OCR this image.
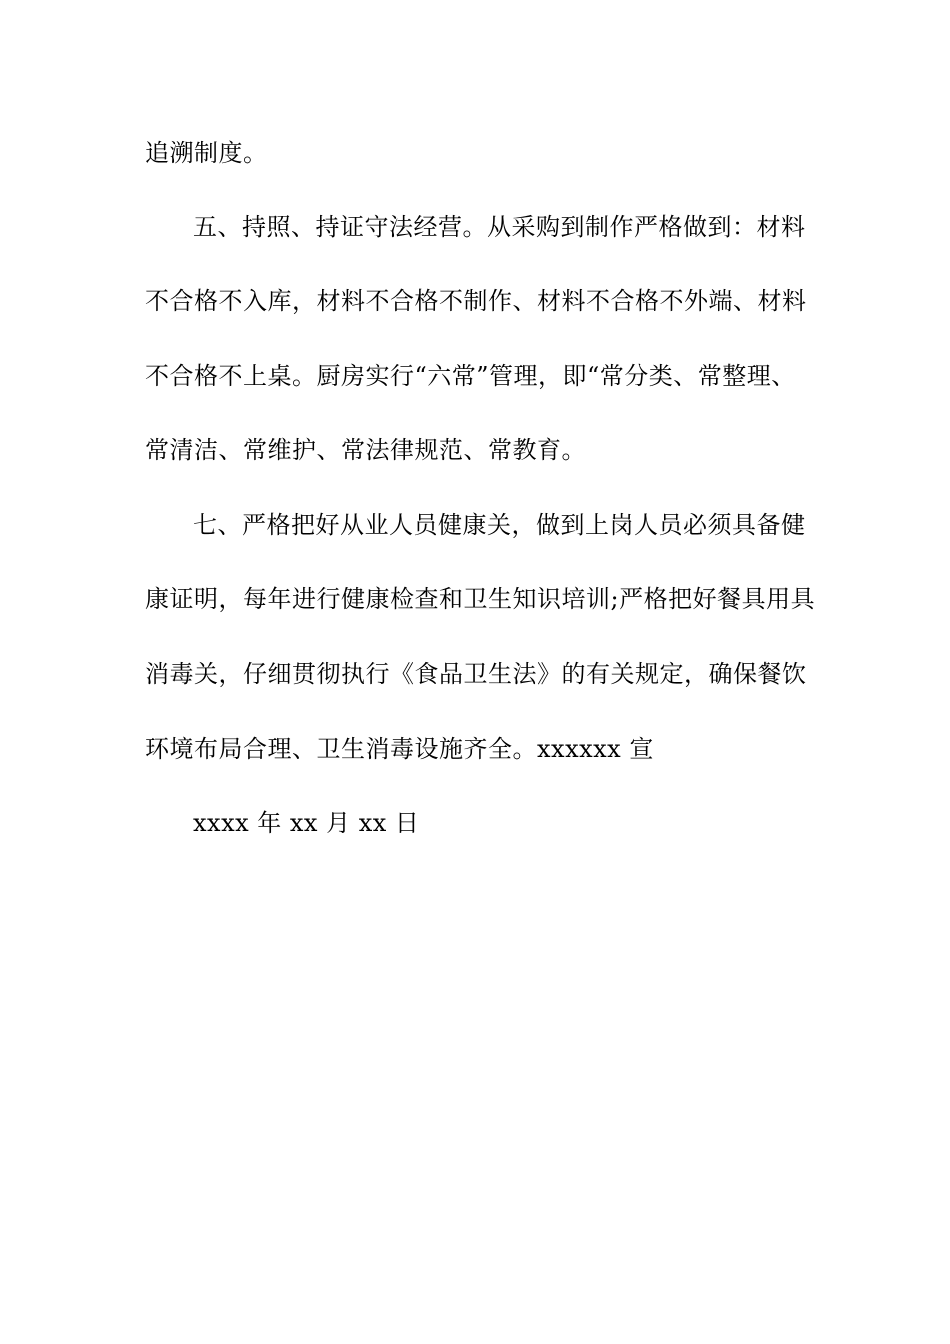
追溯制度。
五、持照、持证守法经营。从采购到制作严格做到：材料
不合格不入库，材料不合格不制作、材料不合格不外端、材料
不合格不上桌。厨房实行“六常”管理，即“常分类、常整理、
常清洁、常维护、常法律规范、常教育。
七、严格把好从业人员健康关，做到上岗人员必须具备健
康证明，每年进行健康检查和卫生知识培训;严格把好餐具用具
消毒关，仔细贯彻执行《食品卫生法》的有关规定，确保餐饮
环境布局合理、卫生消毒设施齐全。xxxxxx 宣
xxxx 年 xx 月 xx 日
